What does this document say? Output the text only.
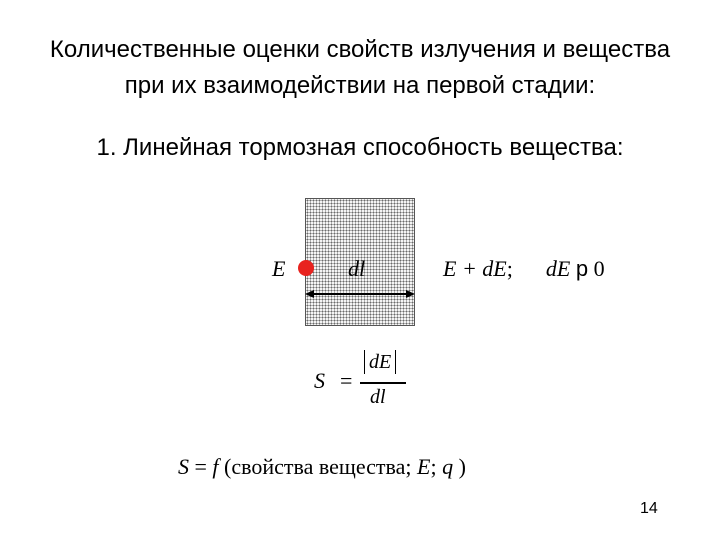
Количественные оценки свойств излучения и вещества
при их взаимодействии на первой стадии:
1. Линейная тормозная способность вещества:
E	dl	E + dE; dE p 0
S =
dE
dl
S = f (свойства вещества; E; q )
14
